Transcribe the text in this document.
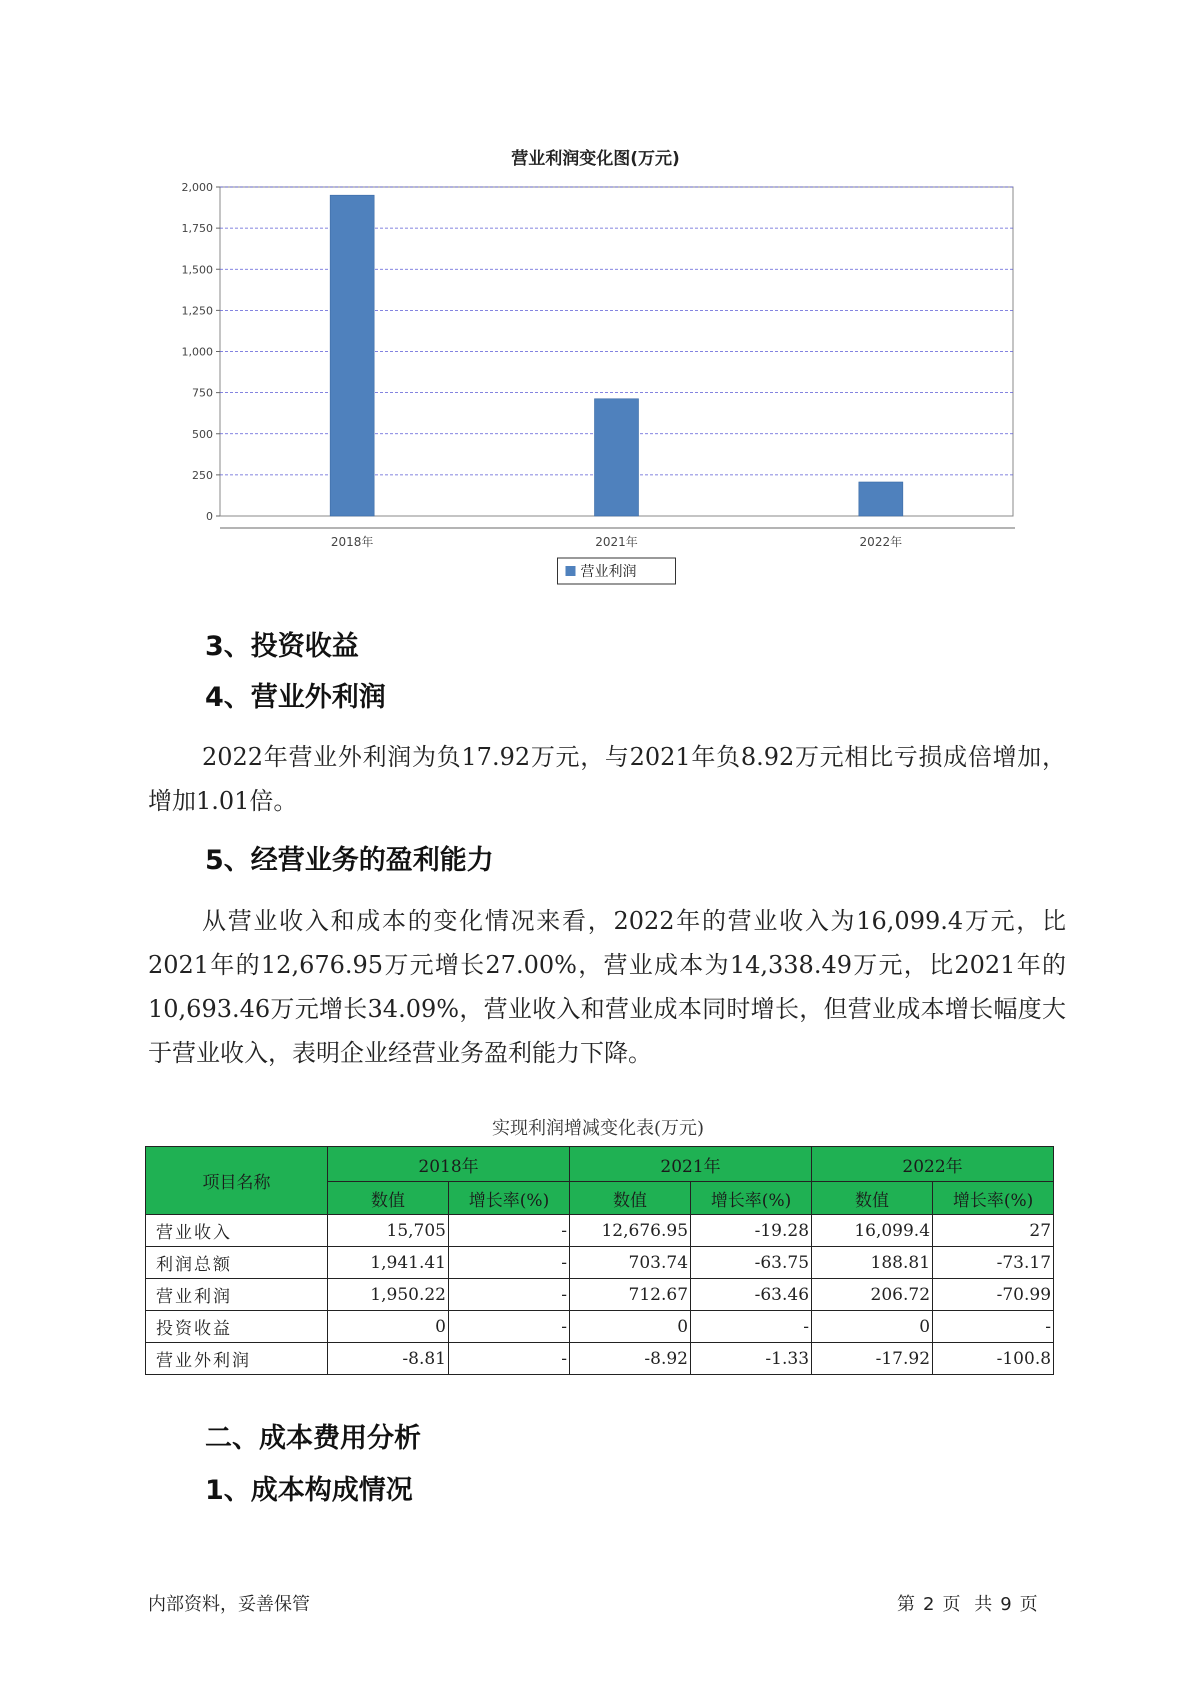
营业利润变化图(万元)
0
250
500
750
1,000
1,250
1,500
1,750
2,000
2018年	2021年	2022年
营业利润
3、投资收益
4、营业外利润

2022年营业外利润为负17.92万元，与2021年负8.92万元相比亏损成倍增加，增加1.01倍。

5、经营业务的盈利能力

从营业收入和成本的变化情况来看，2022年的营业收入为16,099.4万元，比2021年的12,676.95万元增长27.00%，营业成本为14,338.49万元，比2021年的10,693.46万元增长34.09%，营业收入和营业成本同时增长，但营业成本增长幅度大于营业收入，表明企业经营业务盈利能力下降。

实现利润增减变化表(万元)
项目名称	2018年		2021年		2022年	
	数值	增长率(%)	数值	增长率(%)	数值	增长率(%)
营业收入	15,705	-	12,676.95	-19.28	16,099.4	27
利润总额	1,941.41	-	703.74	-63.75	188.81	-73.17
营业利润	1,950.22	-	712.67	-63.46	206.72	-70.99
投资收益	0	-	0	-	0	-
营业外利润	-8.81	-	-8.92	-1.33	-17.92	-100.8
二、成本费用分析
1、成本构成情况
内部资料，妥善保管	第 2 页 共 9 页
